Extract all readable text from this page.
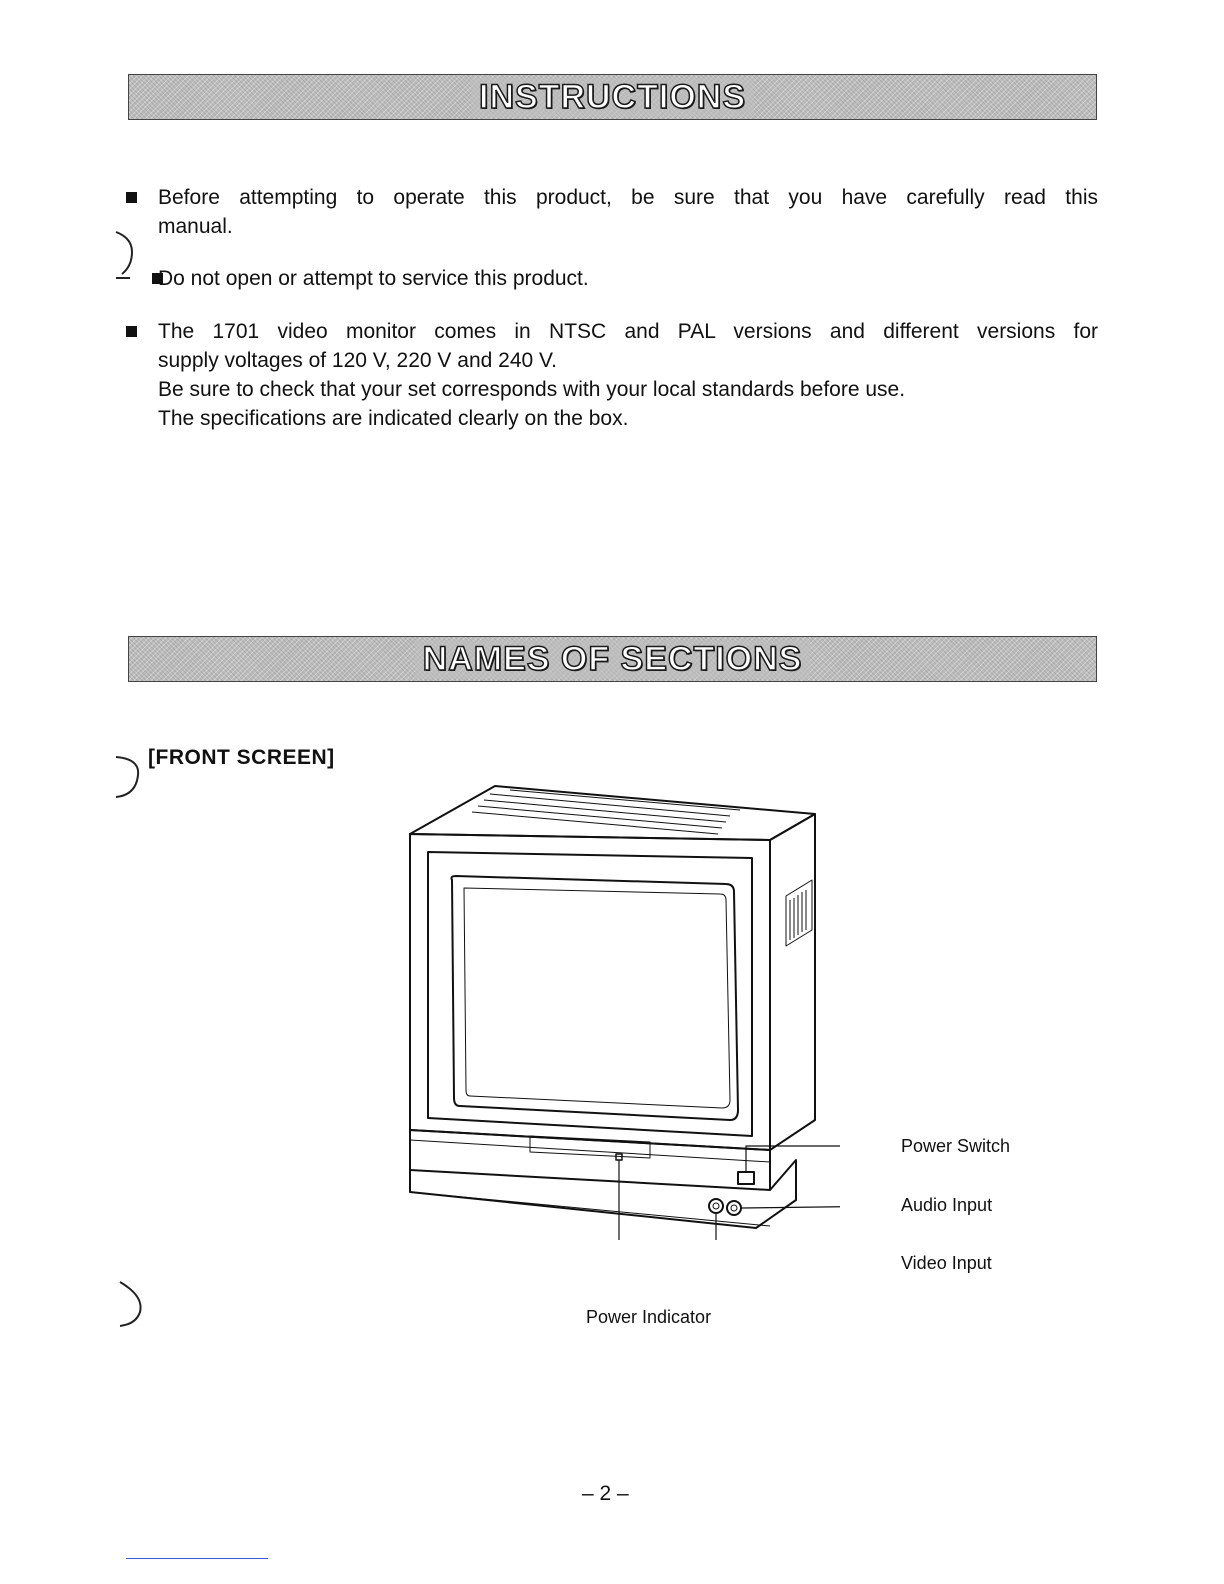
INSTRUCTIONS
Before attempting to operate this product, be sure that you have carefully read this
manual.
Do not open or attempt to service this product.
The 1701 video monitor comes in NTSC and PAL versions and different versions for
supply voltages of 120 V, 220 V and 240 V.
Be sure to check that your set corresponds with your local standards before use.
The specifications are indicated clearly on the box.
NAMES OF SECTIONS
[FRONT SCREEN]
Power Switch
Audio Input
Video Input
Power Indicator
– 2 –
